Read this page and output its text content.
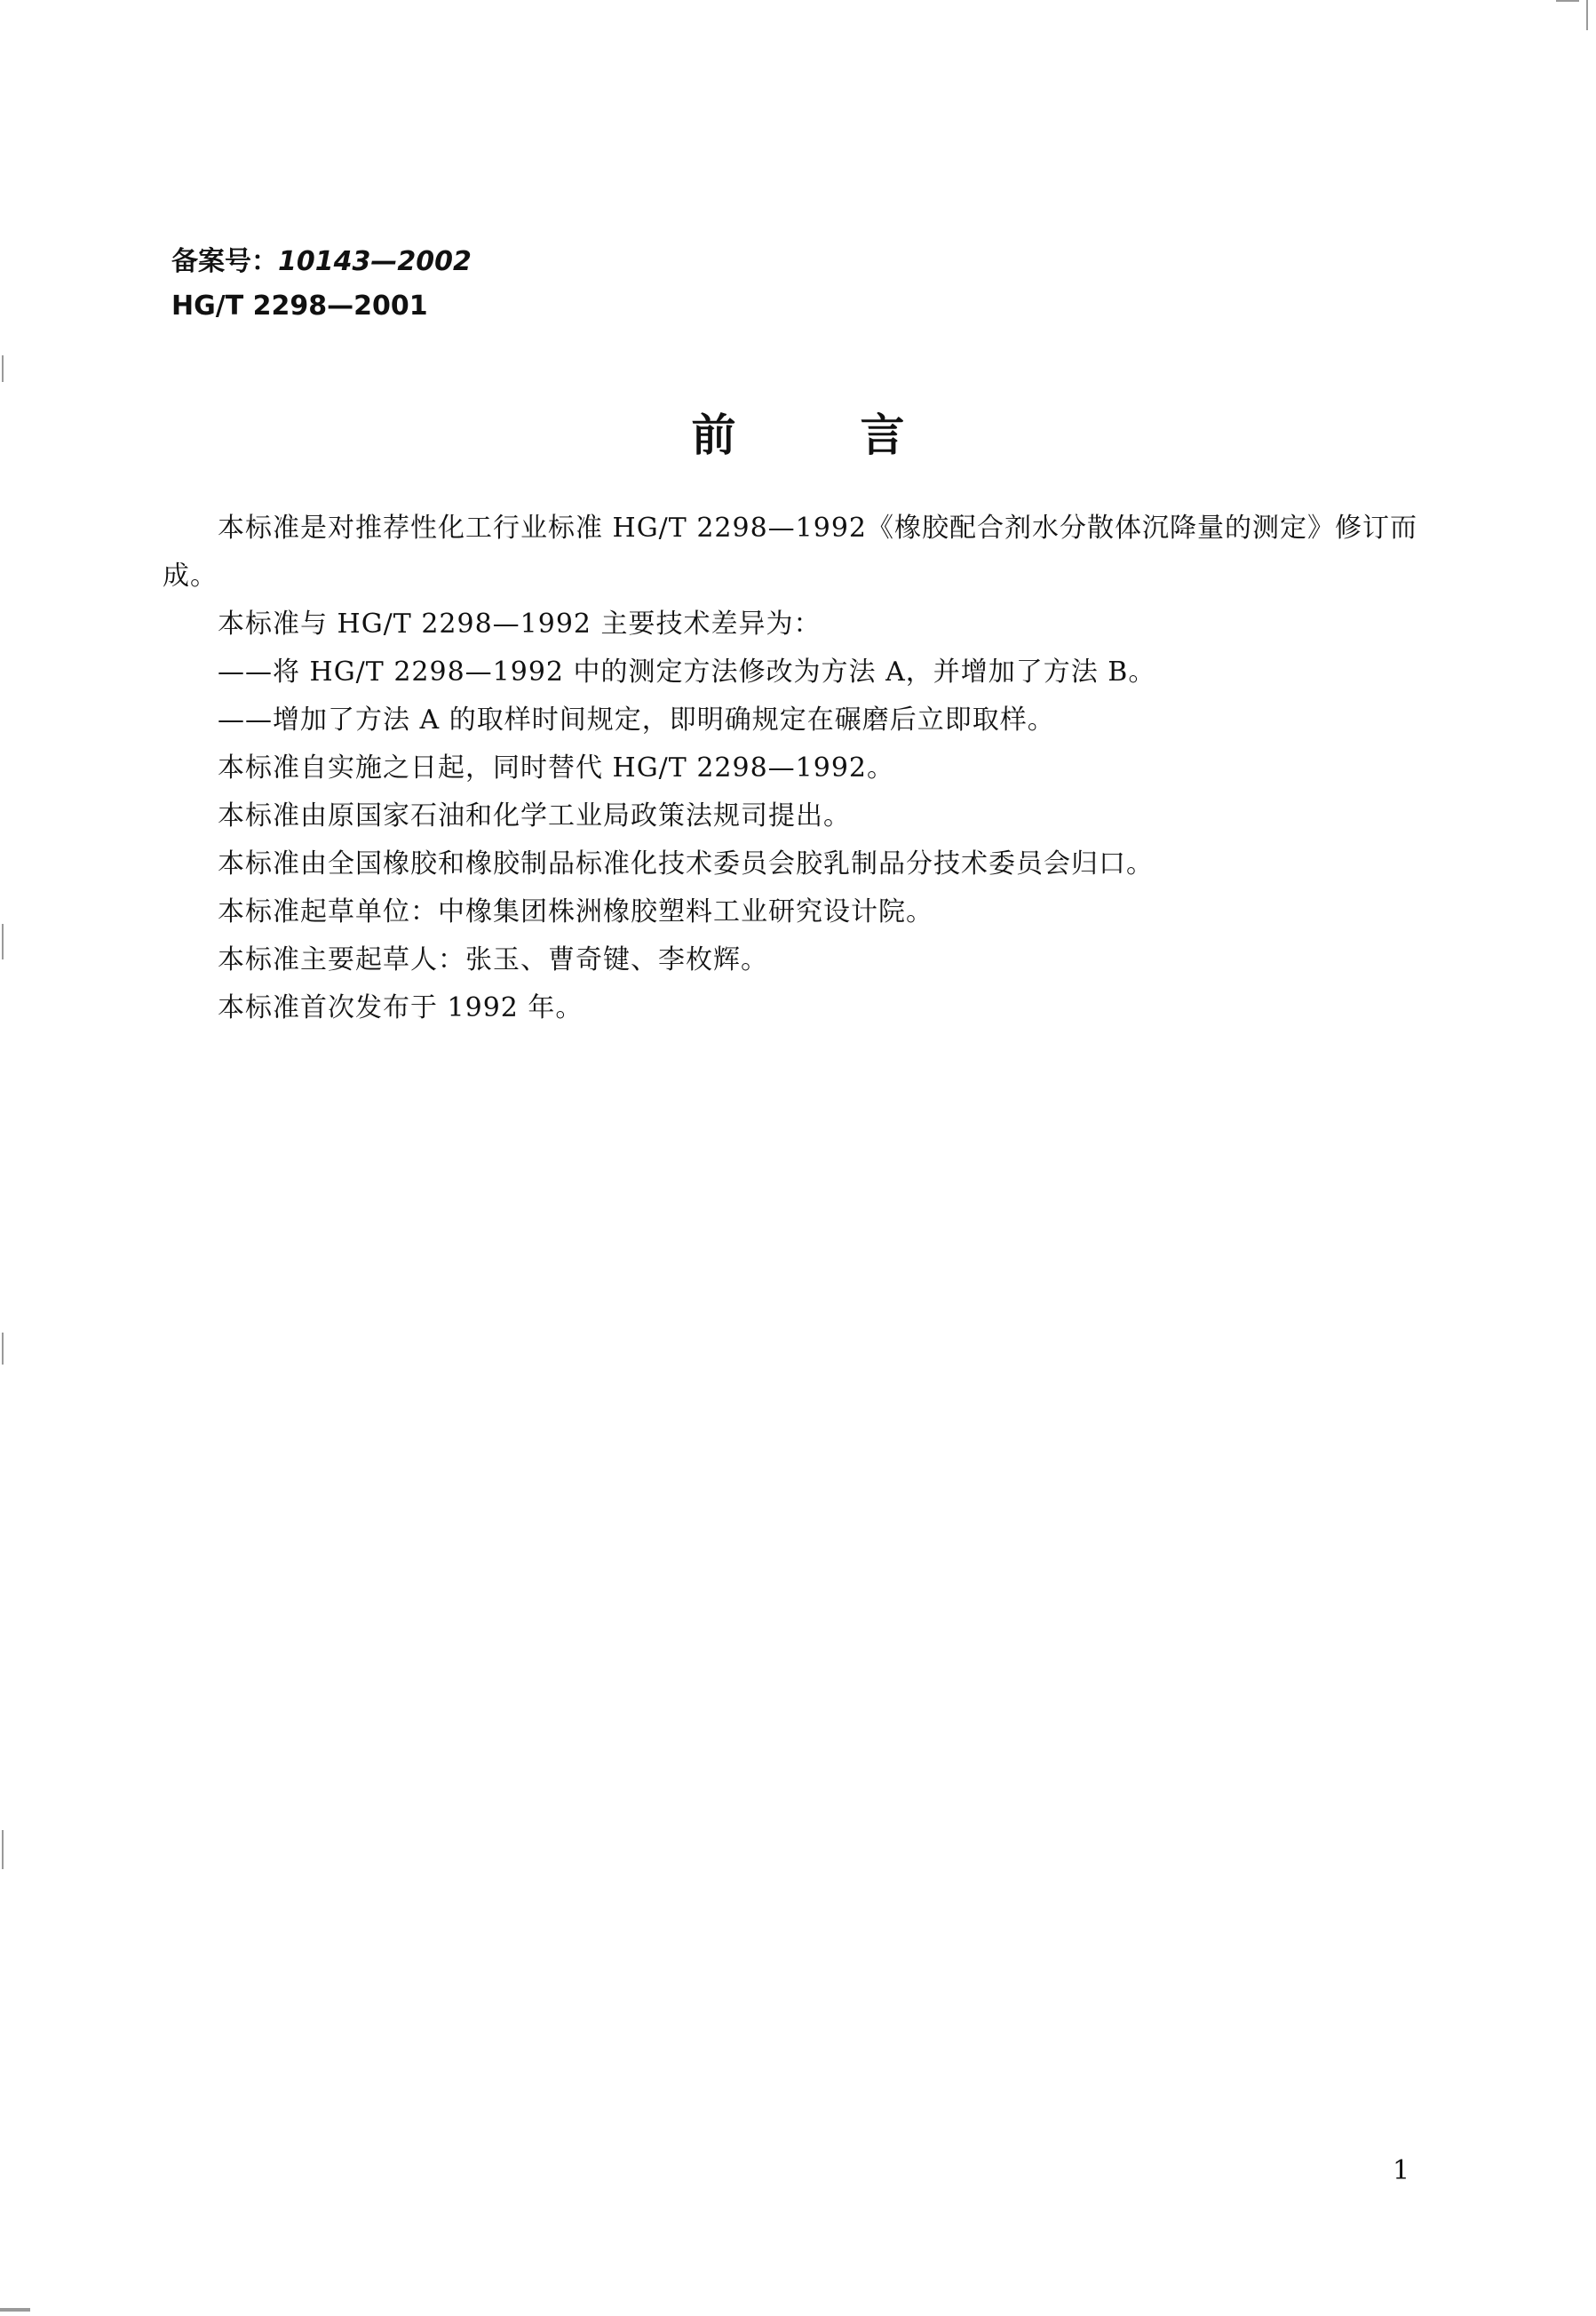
备案号：10143—2002
HG/T 2298—2001
前言

本标准是对推荐性化工行业标准 HG/T 2298—1992《橡胶配合剂水分散体沉降量的测定》修订而成。

本标准与 HG/T 2298—1992 主要技术差异为：

——将 HG/T 2298—1992 中的测定方法修改为方法 A，并增加了方法 B。

——增加了方法 A 的取样时间规定，即明确规定在碾磨后立即取样。

本标准自实施之日起，同时替代 HG/T 2298—1992。

本标准由原国家石油和化学工业局政策法规司提出。

本标准由全国橡胶和橡胶制品标准化技术委员会胶乳制品分技术委员会归口。

本标准起草单位：中橡集团株洲橡胶塑料工业研究设计院。

本标准主要起草人：张玉、曹奇键、李枚辉。

本标准首次发布于 1992 年。

1
